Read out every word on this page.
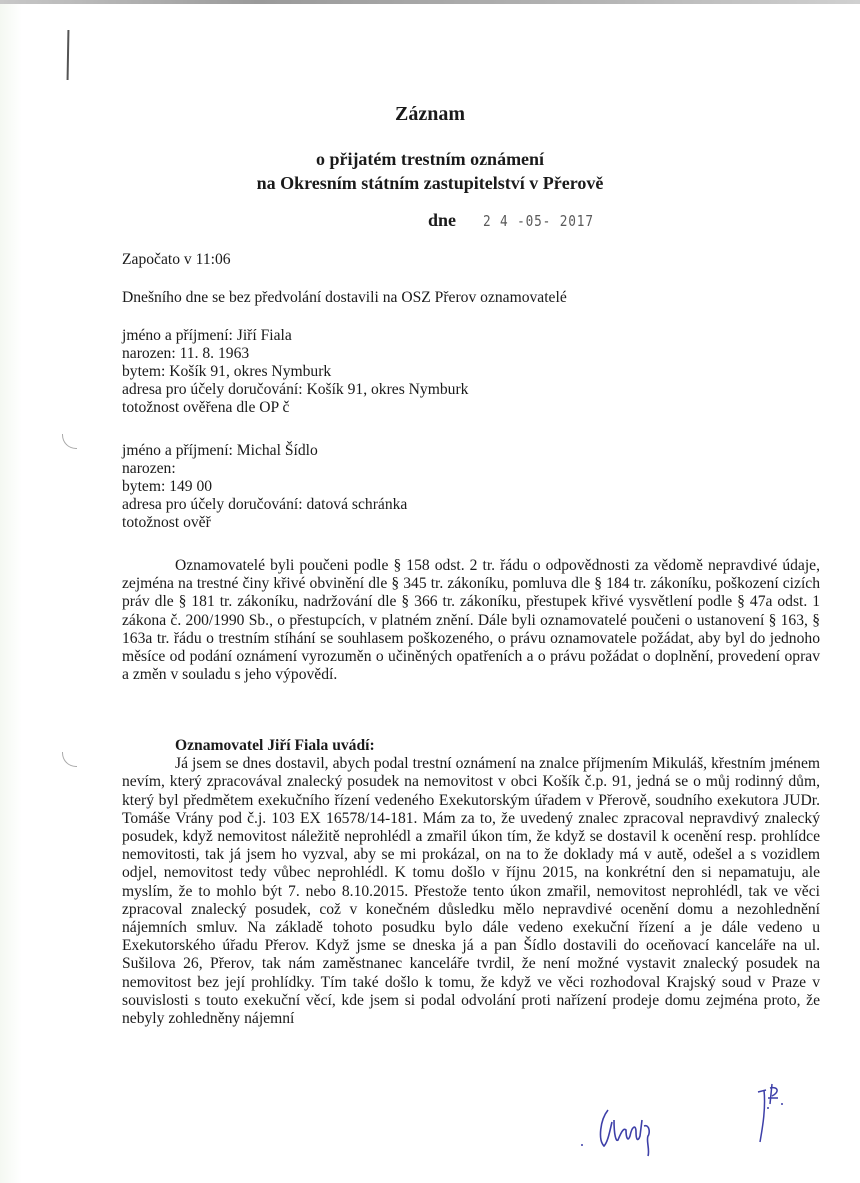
Záznam
o přijatém trestním oznámení
na Okresním státním zastupitelství v Přerově
dne 2 4 -05- 2017
Započato v 11:06
Dnešního dne se bez předvolání dostavili na OSZ Přerov oznamovatelé
jméno a příjmení: Jiří Fiala
narozen: 11. 8. 1963
bytem: Košík 91, okres Nymburk
adresa pro účely doručování: Košík 91, okres Nymburk
totožnost ověřena dle OP č
jméno a příjmení: Michal Šídlo
narozen:
bytem: 149 00
adresa pro účely doručování: datová schránka
totožnost ověř

Oznamovatelé byli poučeni podle § 158 odst. 2 tr. řádu o odpovědnosti za vědomě nepravdivé údaje, zejména na trestné činy křivé obvinění dle § 345 tr. zákoníku, pomluva dle § 184 tr. zákoníku, poškození cizích práv dle § 181 tr. zákoníku, nadržování dle § 366 tr. zákoníku, přestupek křivé vysvětlení podle § 47a odst. 1 zákona č. 200/1990 Sb., o přestupcích, v platném znění. Dále byli oznamovatelé poučeni o ustanovení § 163, § 163a tr. řádu o trestním stíhání se souhlasem poškozeného, o právu oznamovatele požádat, aby byl do jednoho měsíce od podání oznámení vyrozuměn o učiněných opatřeních a o právu požádat o doplnění, provedení oprav a změn v souladu s jeho výpovědí.

Oznamovatel Jiří Fiala uvádí:

Já jsem se dnes dostavil, abych podal trestní oznámení na znalce příjmením Mikuláš, křestním jménem nevím, který zpracovával znalecký posudek na nemovitost v obci Košík č.p. 91, jedná se o můj rodinný dům, který byl předmětem exekučního řízení vedeného Exekutorským úřadem v Přerově, soudního exekutora JUDr. Tomáše Vrány pod č.j. 103 EX 16578/14-181. Mám za to, že uvedený znalec zpracoval nepravdivý znalecký posudek, když nemovitost náležitě neprohlédl a zmařil úkon tím, že když se dostavil k ocenění resp. prohlídce nemovitosti, tak já jsem ho vyzval, aby se mi prokázal, on na to že doklady má v autě, odešel a s vozidlem odjel, nemovitost tedy vůbec neprohlédl. K tomu došlo v říjnu 2015, na konkrétní den si nepamatuju, ale myslím, že to mohlo být 7. nebo 8.10.2015. Přestože tento úkon zmařil, nemovitost neprohlédl, tak ve věci zpracoval znalecký posudek, což v konečném důsledku mělo nepravdivé ocenění domu a nezohlednění nájemních smluv. Na základě tohoto posudku bylo dále vedeno exekuční řízení a je dále vedeno u Exekutorského úřadu Přerov. Když jsme se dneska já a pan Šídlo dostavili do oceňovací kanceláře na ul. Sušilova 26, Přerov, tak nám zaměstnanec kanceláře tvrdil, že není možné vystavit znalecký posudek na nemovitost bez její prohlídky. Tím také došlo k tomu, že když ve věci rozhodoval Krajský soud v Praze v souvislosti s touto exekuční věcí, kde jsem si podal odvolání proti nařízení prodeje domu zejména proto, že nebyly zohledněny nájemní
